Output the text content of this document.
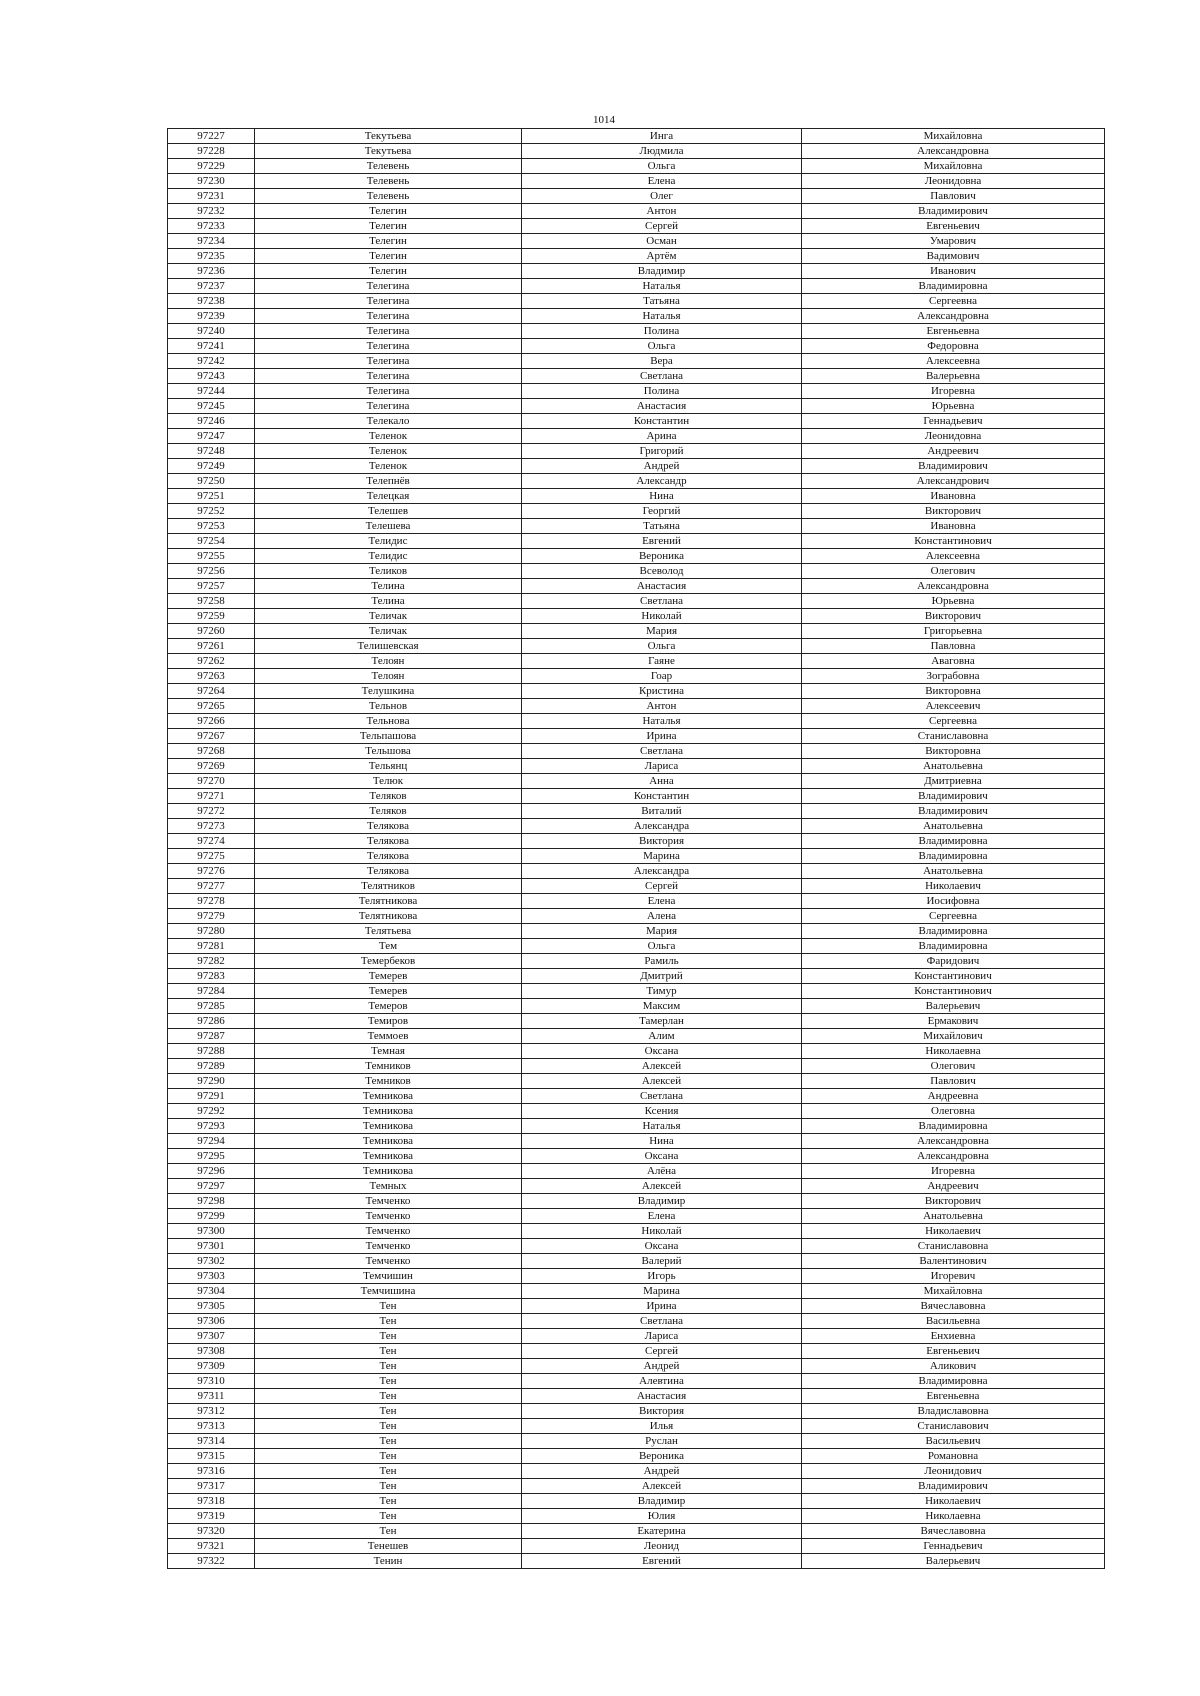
1014
97227	Текутьева	Инга	Михайловна
97228	Текутьева	Людмила	Александровна
97229	Телевень	Ольга	Михайловна
97230	Телевень	Елена	Леонидовна
97231	Телевень	Олег	Павлович
97232	Телегин	Антон	Владимирович
97233	Телегин	Сергей	Евгеньевич
97234	Телегин	Осман	Умарович
97235	Телегин	Артём	Вадимович
97236	Телегин	Владимир	Иванович
97237	Телегина	Наталья	Владимировна
97238	Телегина	Татьяна	Сергеевна
97239	Телегина	Наталья	Александровна
97240	Телегина	Полина	Евгеньевна
97241	Телегина	Ольга	Федоровна
97242	Телегина	Вера	Алексеевна
97243	Телегина	Светлана	Валерьевна
97244	Телегина	Полина	Игоревна
97245	Телегина	Анастасия	Юрьевна
97246	Телекало	Константин	Геннадьевич
97247	Теленок	Арина	Леонидовна
97248	Теленок	Григорий	Андреевич
97249	Теленок	Андрей	Владимирович
97250	Телепнёв	Александр	Александрович
97251	Телецкая	Нина	Ивановна
97252	Телешев	Георгий	Викторович
97253	Телешева	Татьяна	Ивановна
97254	Телидис	Евгений	Константинович
97255	Телидис	Вероника	Алексеевна
97256	Теликов	Всеволод	Олегович
97257	Телина	Анастасия	Александровна
97258	Телина	Светлана	Юрьевна
97259	Теличак	Николай	Викторович
97260	Теличак	Мария	Григорьевна
97261	Телишевская	Ольга	Павловна
97262	Телоян	Гаяне	Аваговна
97263	Телоян	Гоар	Зограбовна
97264	Телушкина	Кристина	Викторовна
97265	Тельнов	Антон	Алексеевич
97266	Тельнова	Наталья	Сергеевна
97267	Тельпашова	Ирина	Станиславовна
97268	Тельшова	Светлана	Викторовна
97269	Тельянц	Лариса	Анатольевна
97270	Телюк	Анна	Дмитриевна
97271	Теляков	Константин	Владимирович
97272	Теляков	Виталий	Владимирович
97273	Телякова	Александра	Анатольевна
97274	Телякова	Виктория	Владимировна
97275	Телякова	Марина	Владимировна
97276	Телякова	Александра	Анатольевна
97277	Телятников	Сергей	Николаевич
97278	Телятникова	Елена	Иосифовна
97279	Телятникова	Алена	Сергеевна
97280	Телятьева	Мария	Владимировна
97281	Тем	Ольга	Владимировна
97282	Темербеков	Рамиль	Фаридович
97283	Темерев	Дмитрий	Константинович
97284	Темерев	Тимур	Константинович
97285	Темеров	Максим	Валерьевич
97286	Темиров	Тамерлан	Ермакович
97287	Теммоев	Алим	Михайлович
97288	Темная	Оксана	Николаевна
97289	Темников	Алексей	Олегович
97290	Темников	Алексей	Павлович
97291	Темникова	Светлана	Андреевна
97292	Темникова	Ксения	Олеговна
97293	Темникова	Наталья	Владимировна
97294	Темникова	Нина	Александровна
97295	Темникова	Оксана	Александровна
97296	Темникова	Алёна	Игоревна
97297	Темных	Алексей	Андреевич
97298	Темченко	Владимир	Викторович
97299	Темченко	Елена	Анатольевна
97300	Темченко	Николай	Николаевич
97301	Темченко	Оксана	Станиславовна
97302	Темченко	Валерий	Валентинович
97303	Темчишин	Игорь	Игоревич
97304	Темчишина	Марина	Михайловна
97305	Тен	Ирина	Вячеславовна
97306	Тен	Светлана	Васильевна
97307	Тен	Лариса	Енхиевна
97308	Тен	Сергей	Евгеньевич
97309	Тен	Андрей	Аликович
97310	Тен	Алевтина	Владимировна
97311	Тен	Анастасия	Евгеньевна
97312	Тен	Виктория	Владиславовна
97313	Тен	Илья	Станиславович
97314	Тен	Руслан	Васильевич
97315	Тен	Вероника	Романовна
97316	Тен	Андрей	Леонидович
97317	Тен	Алексей	Владимирович
97318	Тен	Владимир	Николаевич
97319	Тен	Юлия	Николаевна
97320	Тен	Екатерина	Вячеславовна
97321	Тенешев	Леонид	Геннадьевич
97322	Тенин	Евгений	Валерьевич
